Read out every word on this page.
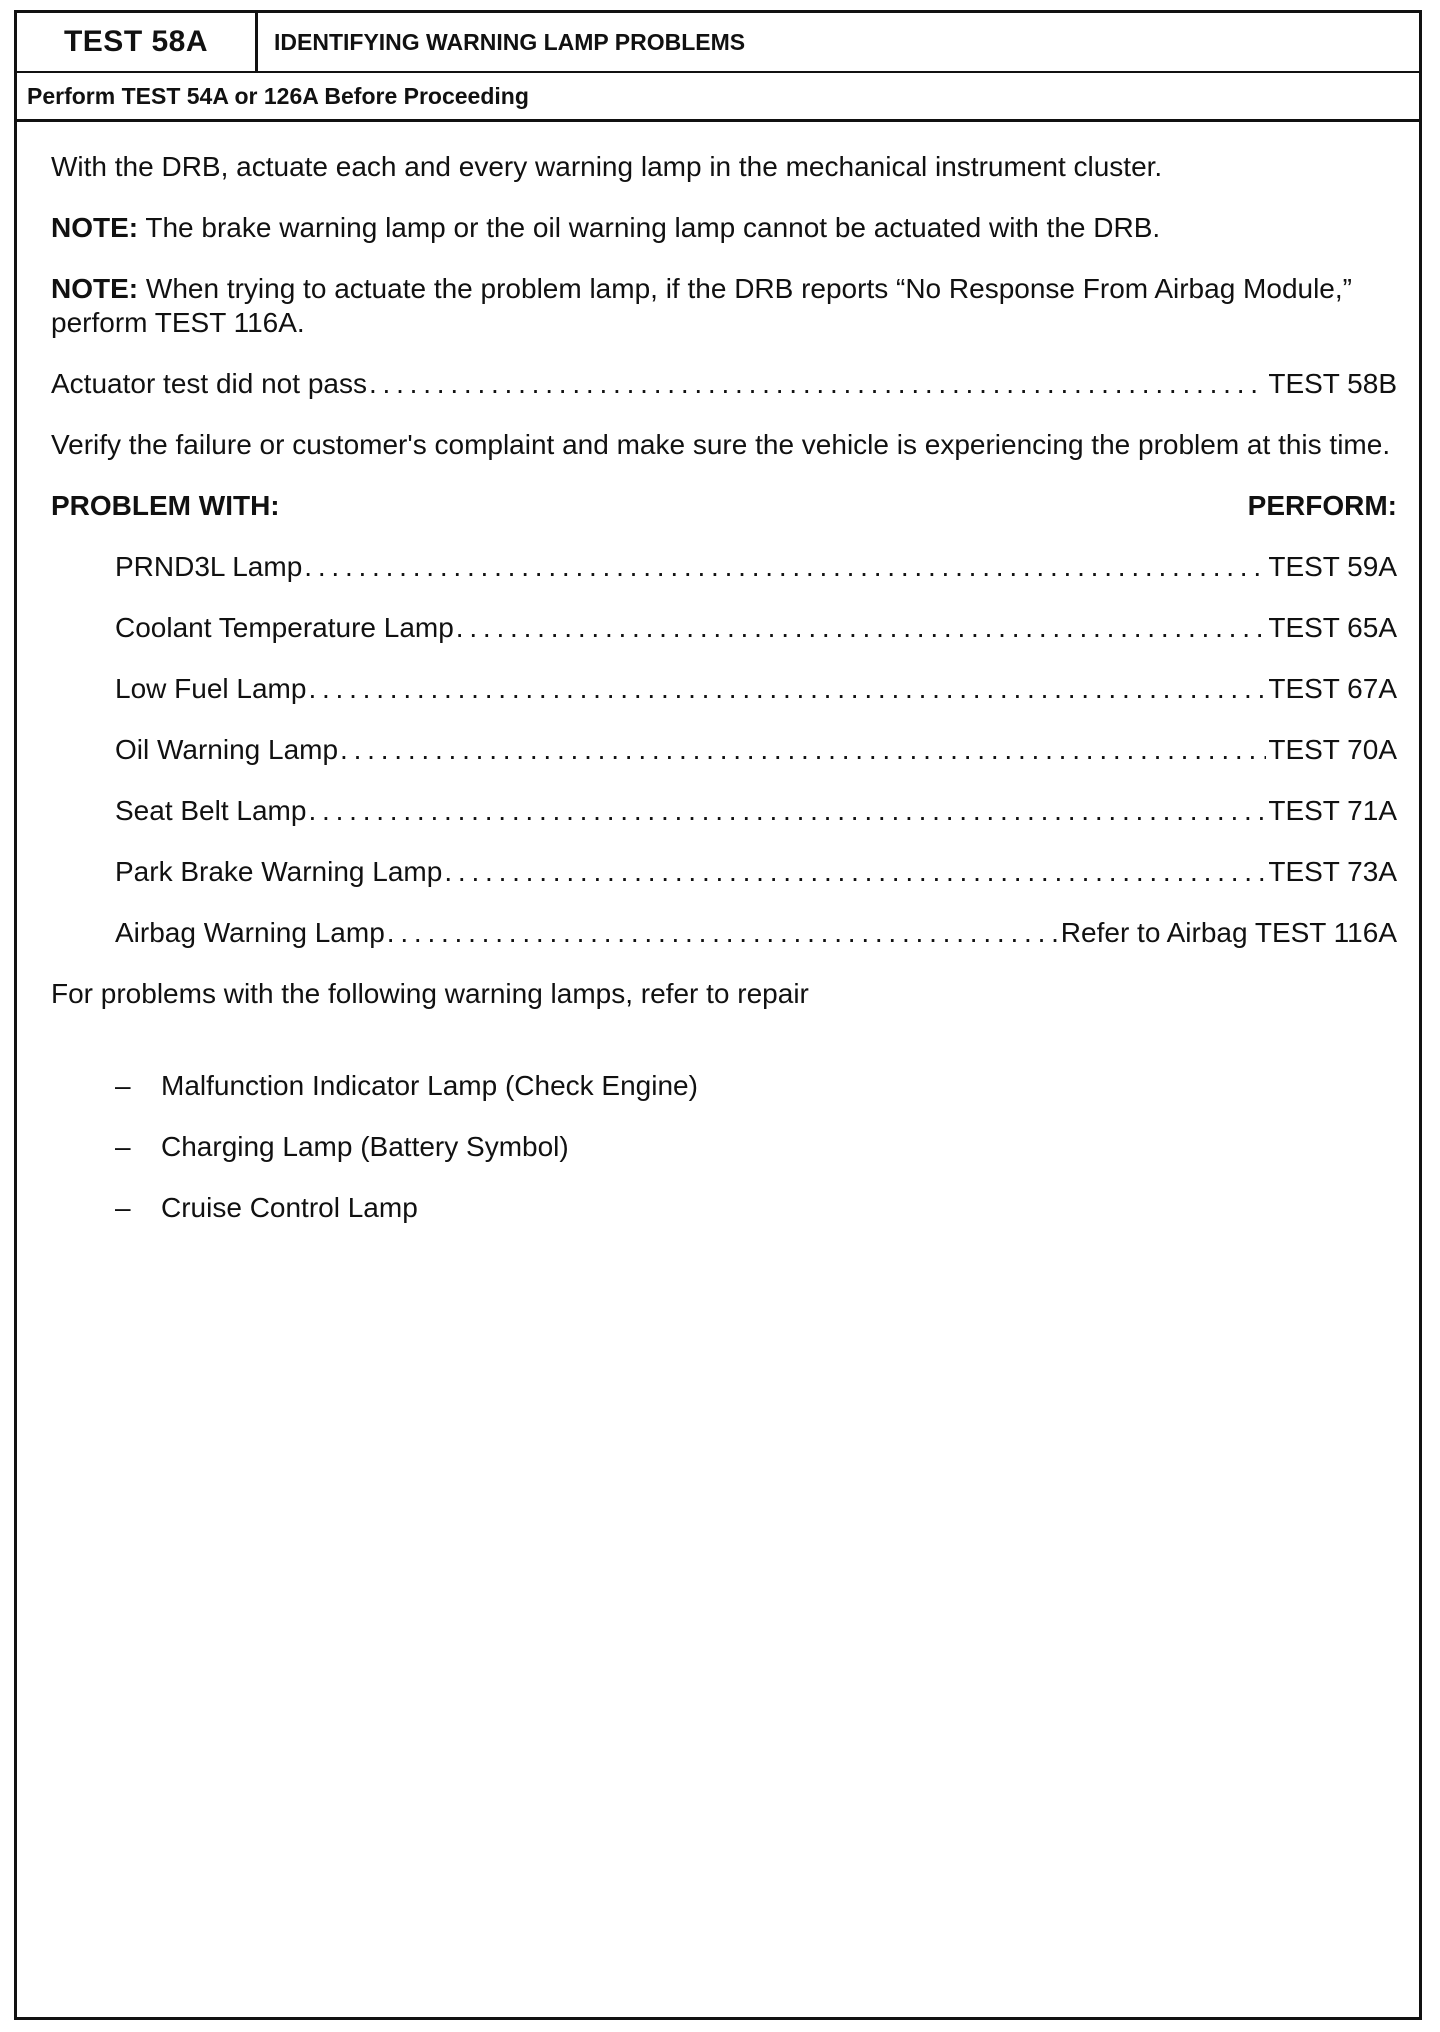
TEST 58A	IDENTIFYING WARNING LAMP PROBLEMS
Perform TEST 54A or 126A Before Proceeding

With the DRB, actuate each and every warning lamp in the mechanical instrument cluster.

NOTE: The brake warning lamp or the oil warning lamp cannot be actuated with the DRB.

NOTE: When trying to actuate the problem lamp, if the DRB reports “No Response From Airbag Module,” perform TEST 116A.

Actuator test did not pass . . .	TEST 58B

Verify the failure or customer's complaint and make sure the vehicle is experiencing the problem at this time.

PROBLEM WITH:	PERFORM:
PRND3L Lamp . . .	TEST 59A
Coolant Temperature Lamp . . .	TEST 65A
Low Fuel Lamp . . .	TEST 67A
Oil Warning Lamp . . .	TEST 70A
Seat Belt Lamp . . .	TEST 71A
Park Brake Warning Lamp . . .	TEST 73A
Airbag Warning Lamp . . .	Refer to Airbag TEST 116A

For problems with the following warning lamps, refer to repair

–	Malfunction Indicator Lamp (Check Engine)
–	Charging Lamp (Battery Symbol)
–	Cruise Control Lamp
